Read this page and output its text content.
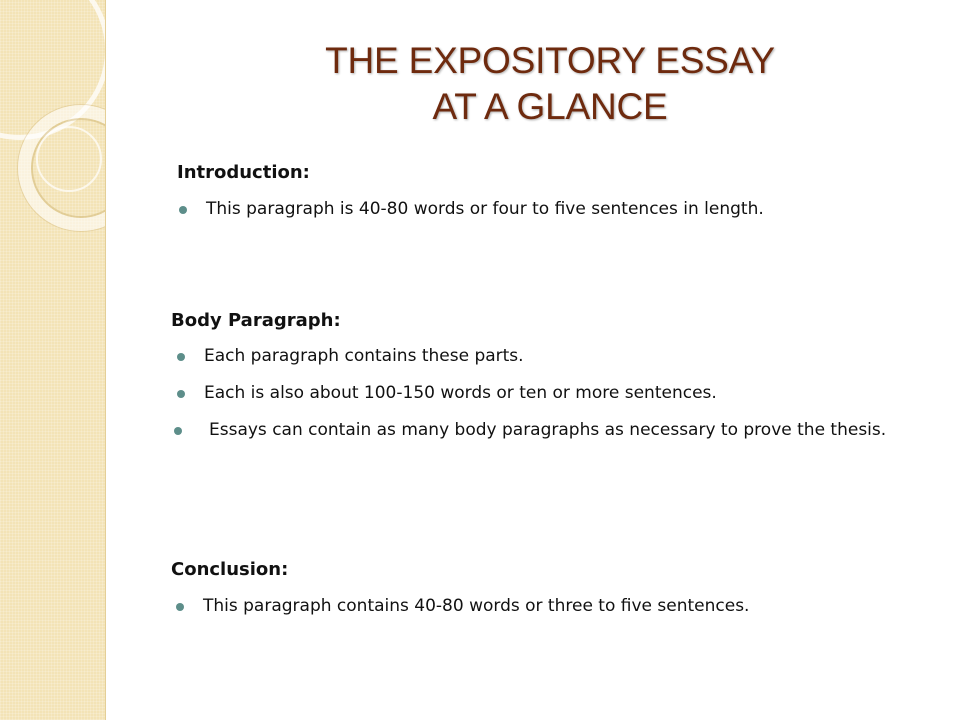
THE EXPOSITORY ESSAY
AT A GLANCE
Introduction:
This paragraph is 40-80 words or four to five sentences in length.
Body Paragraph:
Each paragraph contains these parts.
Each is also about 100-150 words or ten or more sentences.
Essays can contain as many body paragraphs as necessary to prove the thesis.
Conclusion:
This paragraph contains 40-80 words or three to five sentences.
